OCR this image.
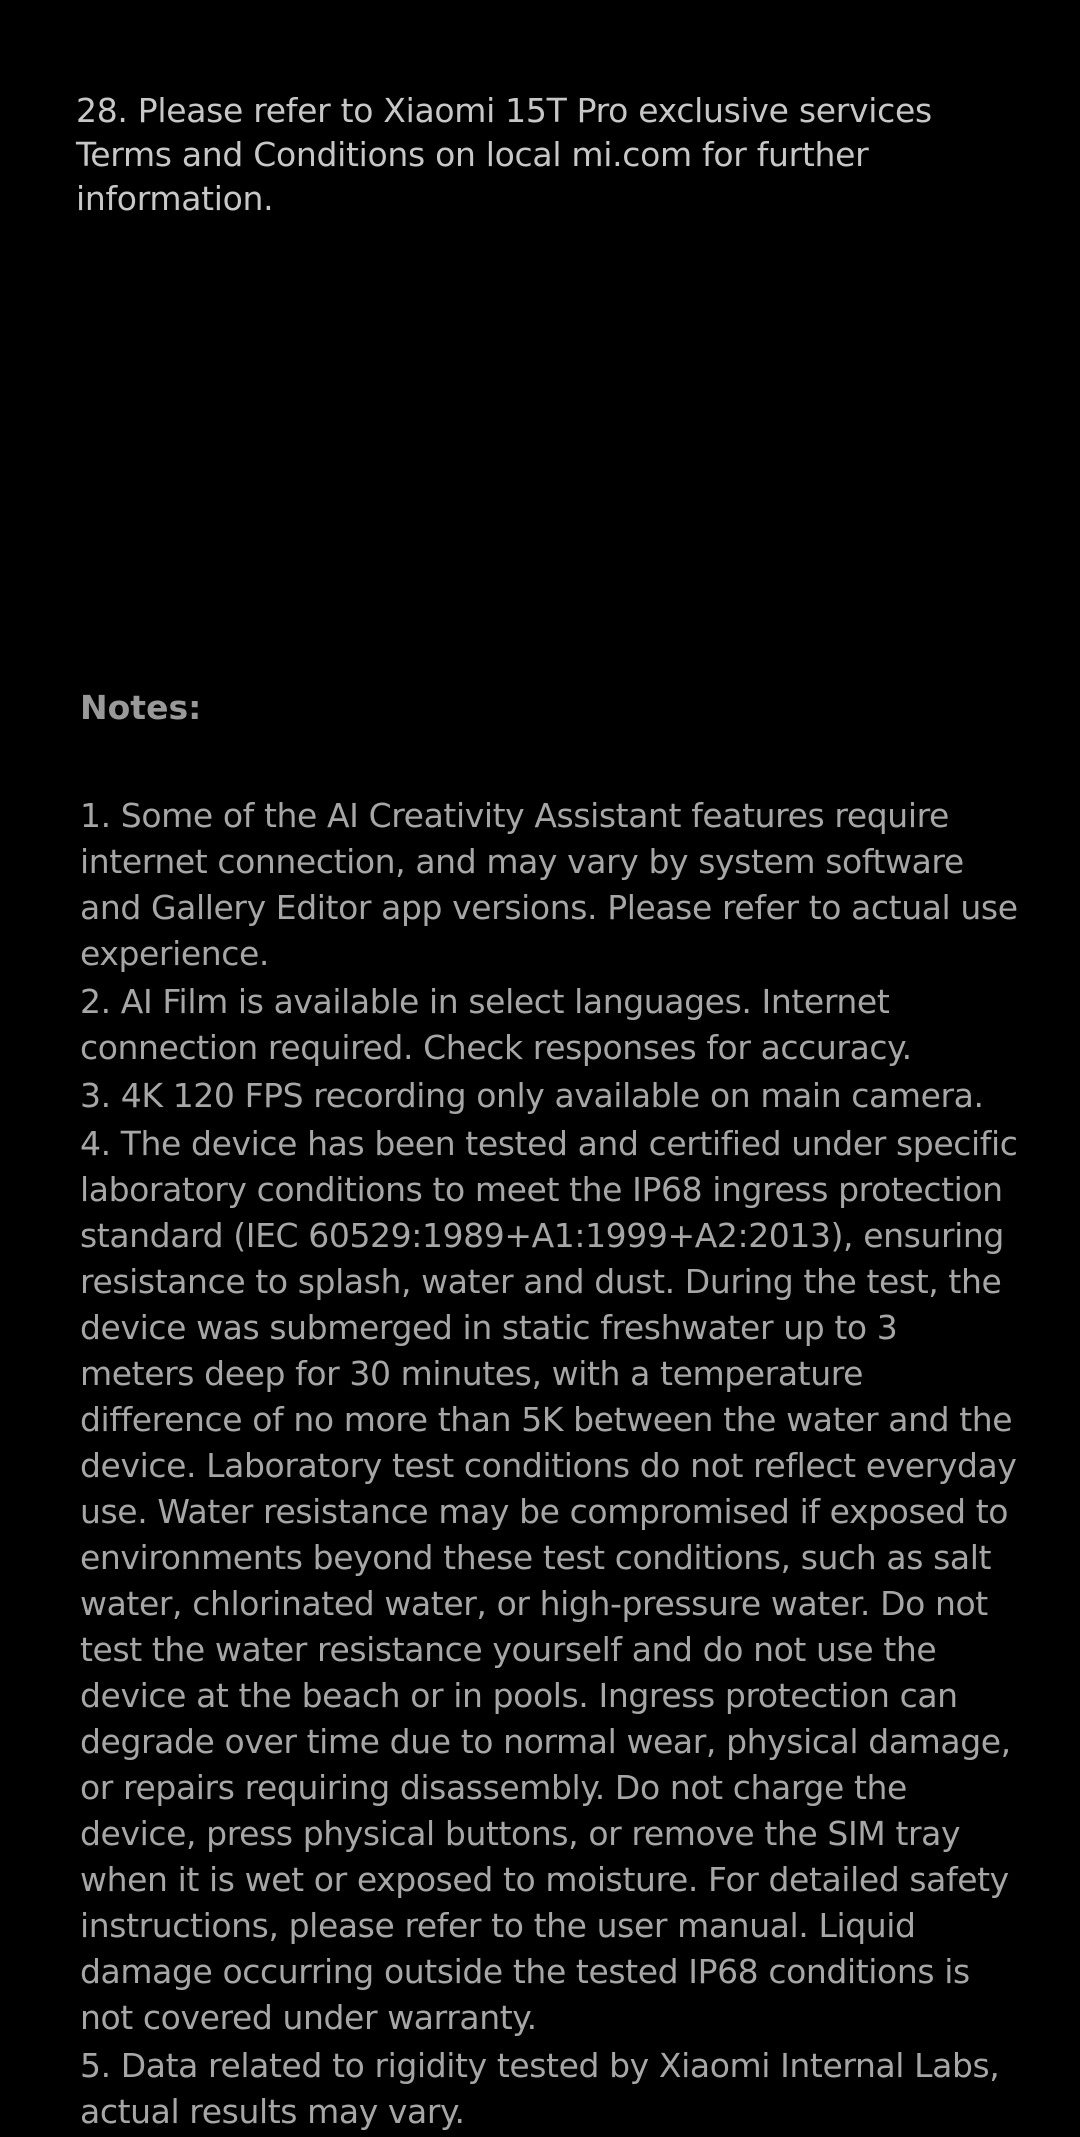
28. Please refer to Xiaomi 15T Pro exclusive services Terms and Conditions on local mi.com for further information.

Notes:
1. Some of the AI Creativity Assistant features require internet connection, and may vary by system software and Gallery Editor app versions. Please refer to actual use experience.
2. AI Film is available in select languages. Internet connection required. Check responses for accuracy.
3. 4K 120 FPS recording only available on main camera.
4. The device has been tested and certified under specific laboratory conditions to meet the IP68 ingress protection standard (IEC 60529:1989+A1:1999+A2:2013), ensuring resistance to splash, water and dust. During the test, the device was submerged in static freshwater up to 3 meters deep for 30 minutes, with a temperature difference of no more than 5K between the water and the device. Laboratory test conditions do not reflect everyday use. Water resistance may be compromised if exposed to environments beyond these test conditions, such as salt water, chlorinated water, or high-pressure water. Do not test the water resistance yourself and do not use the device at the beach or in pools. Ingress protection can degrade over time due to normal wear, physical damage, or repairs requiring disassembly. Do not charge the device, press physical buttons, or remove the SIM tray when it is wet or exposed to moisture. For detailed safety instructions, please refer to the user manual. Liquid damage occurring outside the tested IP68 conditions is not covered under warranty.
5. Data related to rigidity tested by Xiaomi Internal Labs, actual results may vary.
